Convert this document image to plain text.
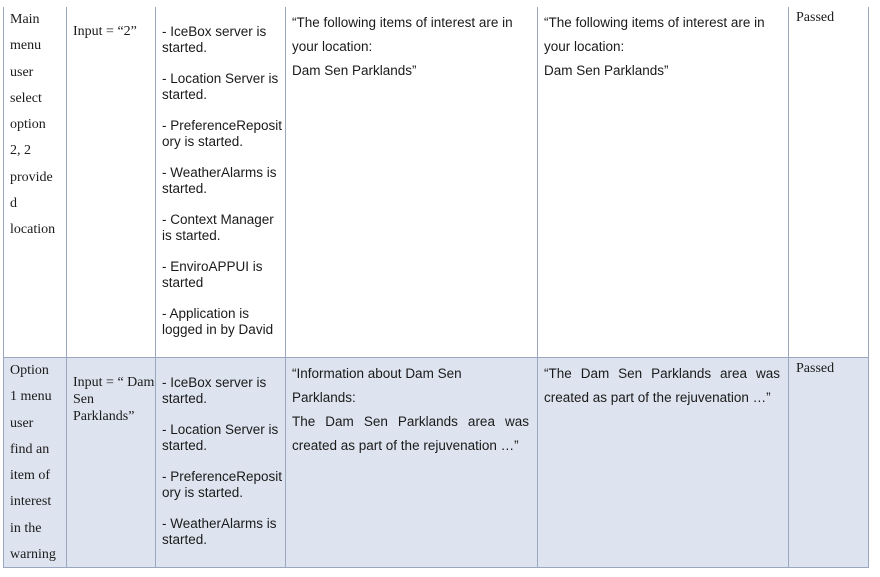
Main
menu
user
select
option
2, 2
provide
d
location
Input = “2”	- IceBox server is started.
- Location Server is started.
- PreferenceRepository is started.
- WeatherAlarms is started.
- Context Manager is started.
- EnviroAPPUI is started
- Application is logged in by David
“The following items of interest are in your location:
Dam Sen Parklands”
“The following items of interest are in your location:
Dam Sen Parklands”
Passed
Option
1 menu
user
find an
item of
interest
in the
warning
Input = “ Dam Sen Parklands”
- IceBox server is started.
- Location Server is started.
- PreferenceRepository is started.
- WeatherAlarms is started.
“Information about Dam Sen Parklands:
The Dam Sen Parklands area was created as part of the rejuvenation …”
“The Dam Sen Parklands area was created as part of the rejuvenation …”
Passed
